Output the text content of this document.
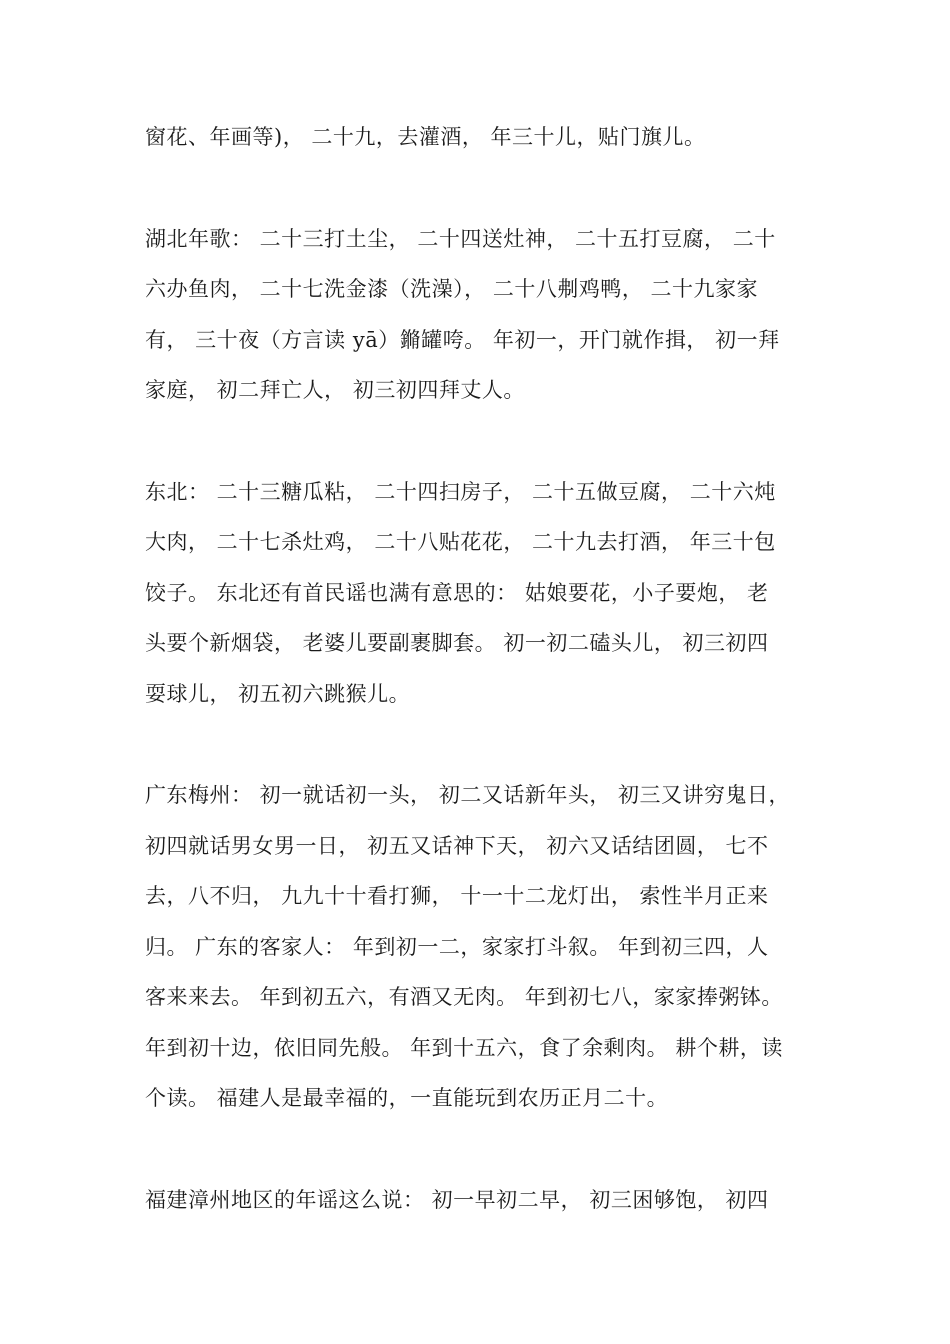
窗花、年画等)， 二十九，去灌酒， 年三十儿，贴门旗儿。

湖北年歌： 二十三打土尘， 二十四送灶神， 二十五打豆腐， 二十
六办鱼肉， 二十七洗金漆（洗澡）， 二十八刜鸡鸭， 二十九家家
有， 三十夜（方言读 yā）鏅罐咵。 年初一，开门就作揖， 初一拜
家庭， 初二拜亡人， 初三初四拜丈人。

东北： 二十三糖瓜粘， 二十四扫房子， 二十五做豆腐， 二十六炖
大肉， 二十七杀灶鸡， 二十八贴花花， 二十九去打酒， 年三十包
饺子。 东北还有首民谣也满有意思的： 姑娘要花，小子要炮， 老
头要个新烟袋， 老婆儿要副裹脚套。 初一初二磕头儿， 初三初四
耍球儿， 初五初六跳猴儿。

广东梅州： 初一就话初一头， 初二又话新年头， 初三又讲穷鬼日，
初四就话男女男一日， 初五又话神下天， 初六又话结团圆， 七不
去，八不归， 九九十十看打狮， 十一十二龙灯出， 索性半月正来
归。 广东的客家人： 年到初一二，家家打斗叙。 年到初三四，人
客来来去。 年到初五六，有酒又无肉。 年到初七八，家家捧粥钵。
年到初十边，依旧同先般。 年到十五六，食了余剩肉。 耕个耕，读
个读。 福建人是最幸福的，一直能玩到农历正月二十。

福建漳州地区的年谣这么说： 初一早初二早， 初三困够饱， 初四
